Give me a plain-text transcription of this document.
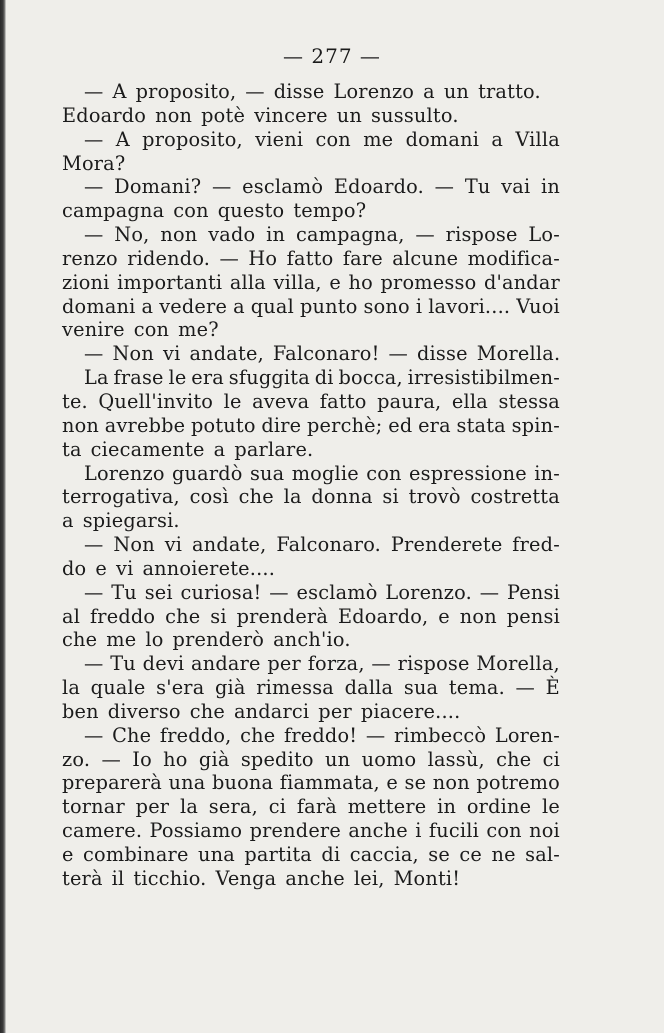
— 277 —
— A proposito, — disse Lorenzo a un tratto.
Edoardo non potè vincere un sussulto.
— A proposito, vieni con me domani a Villa
Mora?
— Domani? — esclamò Edoardo. — Tu vai in
campagna con questo tempo?
— No, non vado in campagna, — rispose Lo-
renzo ridendo. — Ho fatto fare alcune modifica-
zioni importanti alla villa, e ho promesso d'andar
domani a vedere a qual punto sono i lavori.... Vuoi
venire con me?
— Non vi andate, Falconaro! — disse Morella.
La frase le era sfuggita di bocca, irresistibilmen-
te. Quell'invito le aveva fatto paura, ella stessa
non avrebbe potuto dire perchè; ed era stata spin-
ta ciecamente a parlare.
Lorenzo guardò sua moglie con espressione in-
terrogativa, così che la donna si trovò costretta
a spiegarsi.
— Non vi andate, Falconaro. Prenderete fred-
do e vi annoierete....
— Tu sei curiosa! — esclamò Lorenzo. — Pensi
al freddo che si prenderà Edoardo, e non pensi
che me lo prenderò anch'io.
— Tu devi andare per forza, — rispose Morella,
la quale s'era già rimessa dalla sua tema. — È
ben diverso che andarci per piacere....
— Che freddo, che freddo! — rimbeccò Loren-
zo. — Io ho già spedito un uomo lassù, che ci
preparerà una buona fiammata, e se non potremo
tornar per la sera, ci farà mettere in ordine le
camere. Possiamo prendere anche i fucili con noi
e combinare una partita di caccia, se ce ne sal-
terà il ticchio. Venga anche lei, Monti!
